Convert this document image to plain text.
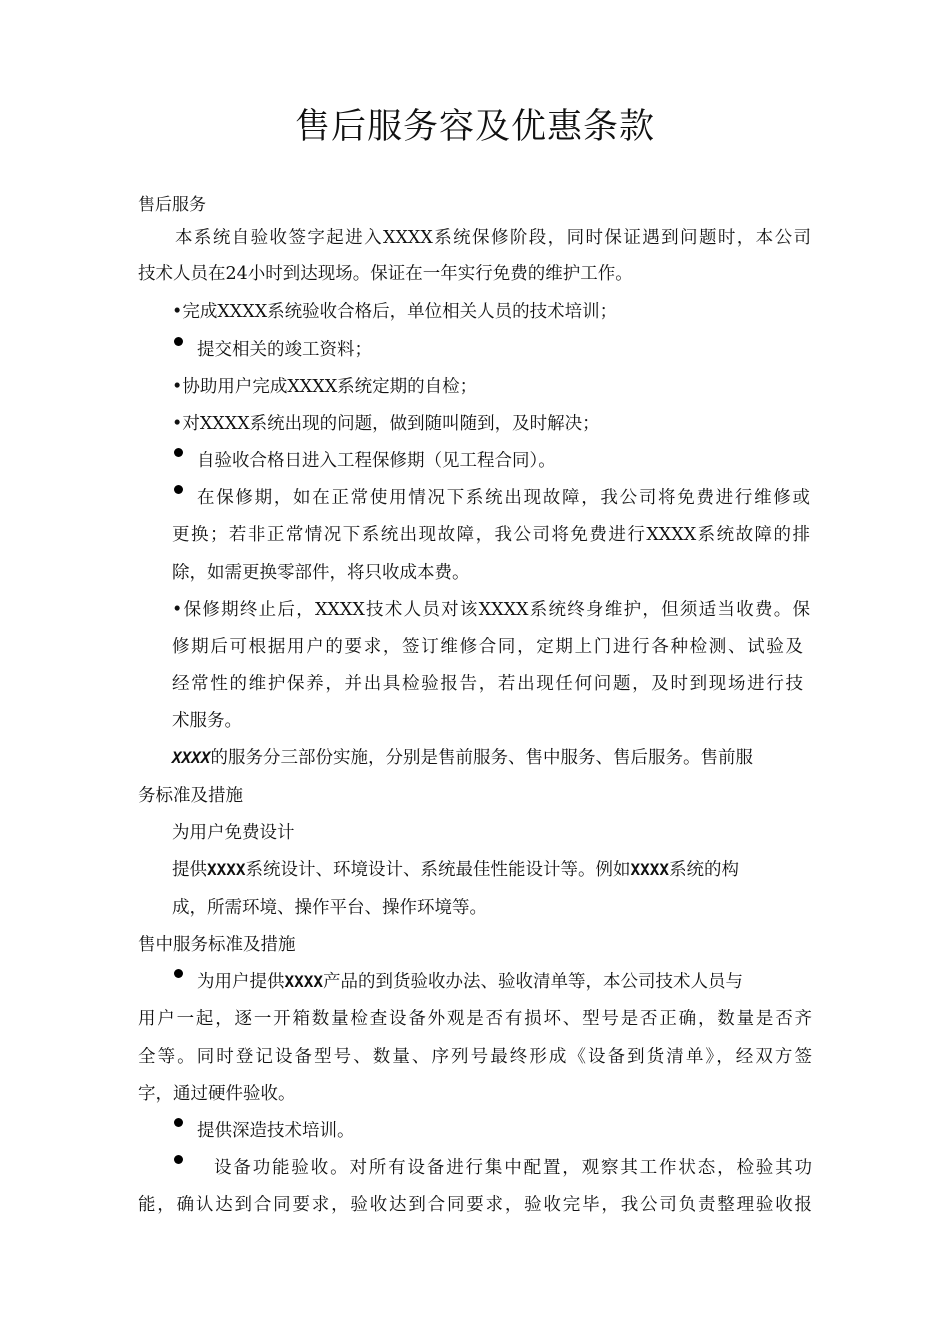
售后服务容及优惠条款
售后服务
本系统自验收签字起进入XXXX系统保修阶段，同时保证遇到问题时，本公司
技术人员在24小时到达现场。保证在一年实行免费的维护工作。
•完成XXXX系统验收合格后，单位相关人员的技术培训；
提交相关的竣工资料；
•协助用户完成XXXX系统定期的自检；
•对XXXX系统出现的问题，做到随叫随到，及时解决；
自验收合格日进入工程保修期（见工程合同）。
在保修期，如在正常使用情况下系统出现故障，我公司将免费进行维修或
更换；若非正常情况下系统出现故障，我公司将免费进行XXXX系统故障的排
除，如需更换零部件，将只收成本费。
•保修期终止后，XXXX技术人员对该XXXX系统终身维护，但须适当收费。保
修期后可根据用户的要求，签订维修合同，定期上门进行各种检测、试验及
经常性的维护保养，并出具检验报告，若出现任何问题，及时到现场进行技
术服务。
XXXX的服务分三部份实施，分别是售前服务、售中服务、售后服务。售前服
务标准及措施
为用户免费设计
提供XXXX系统设计、环境设计、系统最佳性能设计等。例如XXXX系统的构
成，所需环境、操作平台、操作环境等。
售中服务标准及措施
为用户提供XXXX产品的到货验收办法、验收清单等，本公司技术人员与
用户一起，逐一开箱数量检查设备外观是否有损坏、型号是否正确，数量是否齐
全等。同时登记设备型号、数量、序列号最终形成《设备到货清单》，经双方签
字，通过硬件验收。
提供深造技术培训。
设备功能验收。对所有设备进行集中配置，观察其工作状态，检验其功
能，确认达到合同要求，验收达到合同要求，验收完毕，我公司负责整理验收报
